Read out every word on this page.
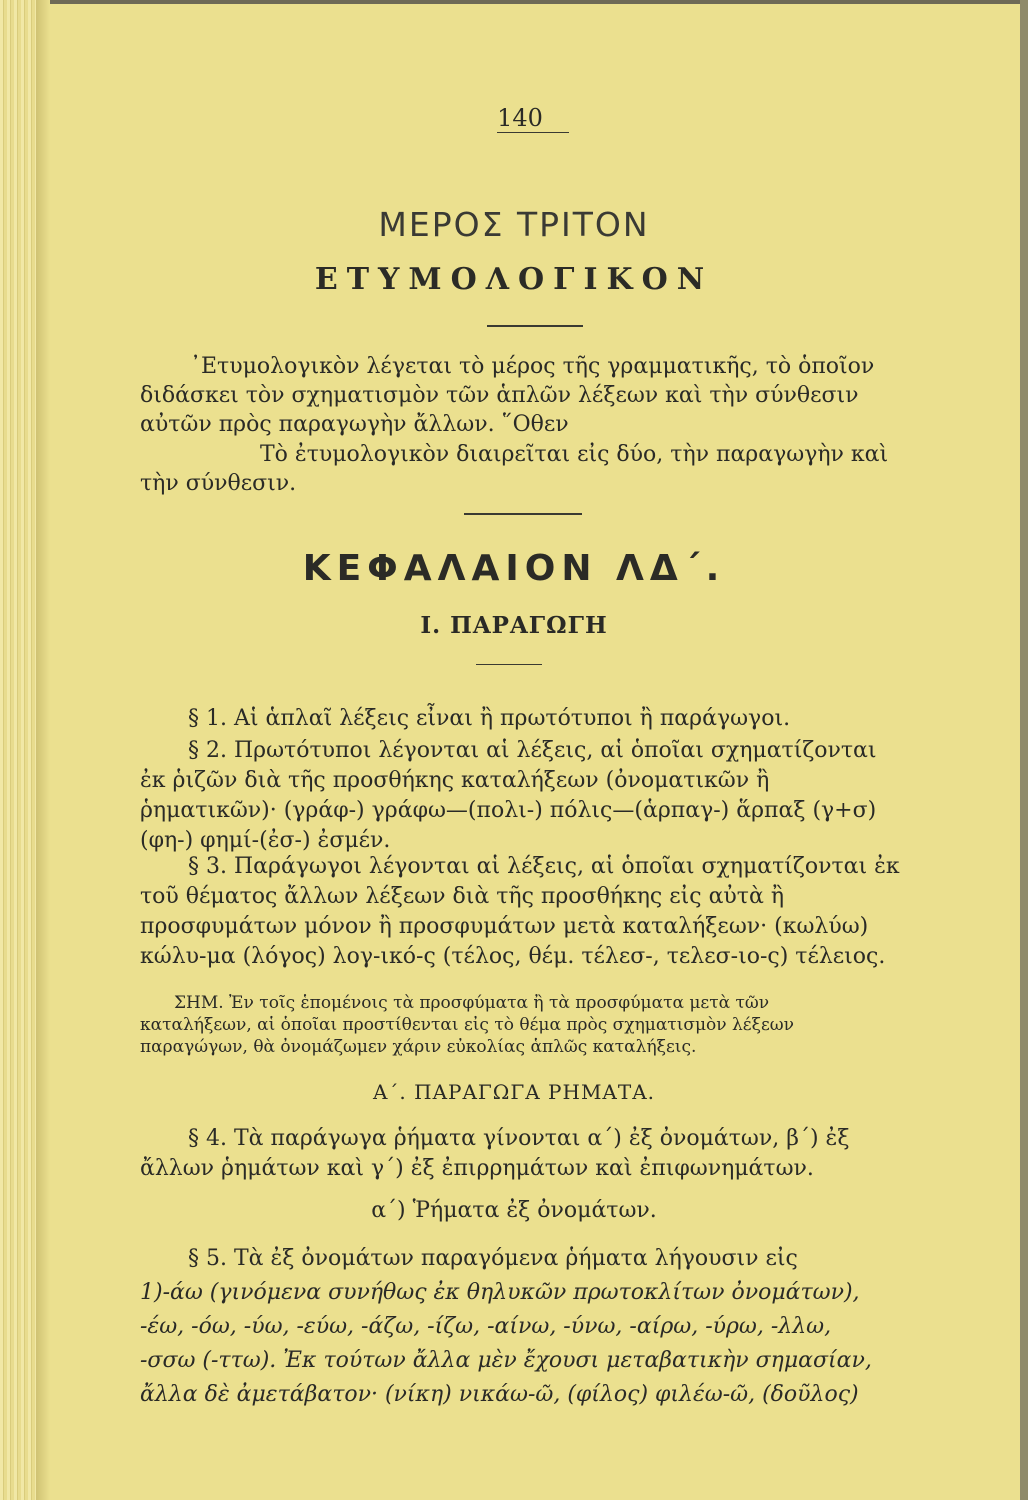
140
ΜΕΡΟΣ ΤΡΙΤΟΝ
ΕΤΥΜΟΛΟΓΙΚΟΝ
᾿Ετυμολογικὸν λέγεται τὸ μέρος τῆς γραμματικῆς, τὸ ὁποῖον διδάσκει τὸν σχηματισμὸν τῶν ἁπλῶν λέξεων καὶ τὴν σύνθεσιν αὐτῶν πρὸς παραγωγὴν ἄλλων. ῞Οθεν
Τὸ ἐτυμολογικὸν διαιρεῖται εἰς δύο, τὴν παραγωγὴν καὶ τὴν σύνθεσιν.
ΚΕΦΑΛΑΙΟΝ ΛΔ΄.
Ι. ΠΑΡΑΓΩΓΗ
§ 1. Αἱ ἁπλαῖ λέξεις εἶναι ἢ πρωτότυποι ἢ παράγωγοι.
§ 2. Πρωτότυποι λέγονται αἱ λέξεις, αἱ ὁποῖαι σχηματίζονται ἐκ ῥιζῶν διὰ τῆς προσθήκης καταλήξεων (ὀνοματικῶν ἢ ῥηματικῶν)· (γράφ-) γράφω—(πολι-) πόλις—(ἁρπαγ-) ἅρπαξ (γ+σ) (φη-) φημί-(ἐσ-) ἐσμέν.
§ 3. Παράγωγοι λέγονται αἱ λέξεις, αἱ ὁποῖαι σχηματίζονται ἐκ τοῦ θέματος ἄλλων λέξεων διὰ τῆς προσθήκης εἰς αὐτὰ ἢ προσφυμάτων μόνον ἢ προσφυμάτων μετὰ καταλήξεων· (κωλύω) κώλυ-μα (λόγος) λογ-ικό-ς (τέλος, θέμ. τέλεσ-, τελεσ-ιο-ς) τέλειος.
ΣΗΜ. Ἐν τοῖς ἑπομένοις τὰ προσφύματα ἢ τὰ προσφύματα μετὰ τῶν καταλήξεων, αἱ ὁποῖαι προστίθενται εἰς τὸ θέμα πρὸς σχηματισμὸν λέξεων παραγώγων, θὰ ὀνομάζωμεν χάριν εὐκολίας ἁπλῶς καταλήξεις.
Α΄. ΠΑΡΑΓΩΓΑ ΡΗΜΑΤΑ.
§ 4. Τὰ παράγωγα ῥήματα γίνονται α΄) ἐξ ὀνομάτων, β΄) ἐξ ἄλλων ῥημάτων καὶ γ΄) ἐξ ἐπιρρημάτων καὶ ἐπιφωνημάτων.
α΄) Ῥήματα ἐξ ὀνομάτων.
§ 5. Τὰ ἐξ ὀνομάτων παραγόμενα ῥήματα λήγουσιν εἰς
1)-άω (γινόμενα συνήθως ἐκ θηλυκῶν πρωτοκλίτων ὀνομάτων), -έω, -όω, -ύω, -εύω, -άζω, -ίζω, -αίνω, -ύνω, -αίρω, -ύρω, -λλω, -σσω (-ττω). Ἐκ τούτων ἄλλα μὲν ἔχουσι μεταβατικὴν σημασίαν, ἄλλα δὲ ἀμετάβατον· (νίκη) νικάω-ῶ, (φίλος) φιλέω-ῶ, (δοῦλος)
